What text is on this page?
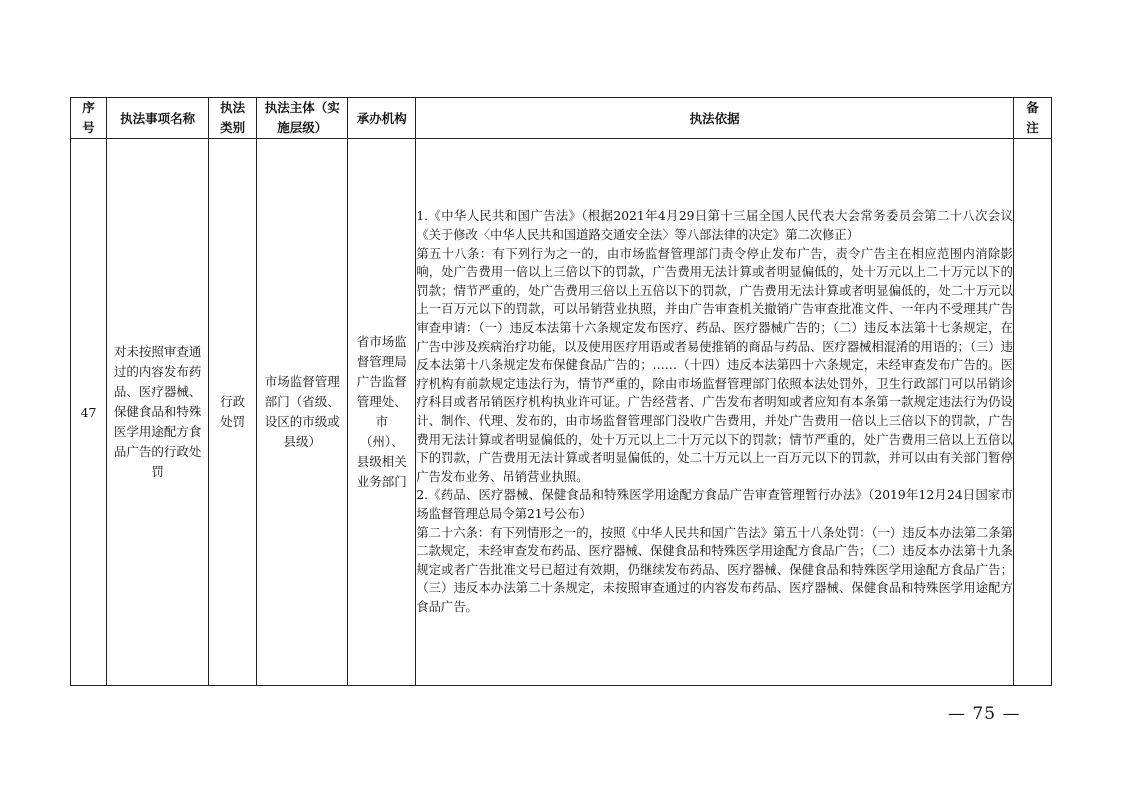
序号	执法事项名称	执法类别	执法主体（实施层级）	承办机构	执法依据	备注
47	对未按照审查通过的内容发布药品、医疗器械、保健食品和特殊医学用途配方食品广告的行政处罚	行政处罚	市场监督管理部门（省级、设区的市级或县级）	省市场监督管理局广告监督管理处、市（州）、县级相关业务部门	1.《中华人民共和国广告法》（根据2021年4月29日第十三届全国人民代表大会常务委员会第二十八次会议《关于修改〈中华人民共和国道路交通安全法〉等八部法律的决定》第二次修正）

第五十八条：有下列行为之一的，由市场监督管理部门责令停止发布广告，责令广告主在相应范围内消除影响，处广告费用一倍以上三倍以下的罚款，广告费用无法计算或者明显偏低的，处十万元以上二十万元以下的罚款；情节严重的，处广告费用三倍以上五倍以下的罚款，广告费用无法计算或者明显偏低的，处二十万元以上一百万元以下的罚款，可以吊销营业执照，并由广告审查机关撤销广告审查批准文件、一年内不受理其广告审查申请：（一）违反本法第十六条规定发布医疗、药品、医疗器械广告的；（二）违反本法第十七条规定，在广告中涉及疾病治疗功能，以及使用医疗用语或者易使推销的商品与药品、医疗器械相混淆的用语的；（三）违反本法第十八条规定发布保健食品广告的；……（十四）违反本法第四十六条规定，未经审查发布广告的。医疗机构有前款规定违法行为，情节严重的，除由市场监督管理部门依照本法处罚外，卫生行政部门可以吊销诊疗科目或者吊销医疗机构执业许可证。广告经营者、广告发布者明知或者应知有本条第一款规定违法行为仍设计、制作、代理、发布的，由市场监督管理部门没收广告费用，并处广告费用一倍以上三倍以下的罚款，广告费用无法计算或者明显偏低的，处十万元以上二十万元以下的罚款；情节严重的，处广告费用三倍以上五倍以下的罚款，广告费用无法计算或者明显偏低的，处二十万元以上一百万元以下的罚款，并可以由有关部门暂停广告发布业务、吊销营业执照。

2.《药品、医疗器械、保健食品和特殊医学用途配方食品广告审查管理暂行办法》（2019年12月24日国家市场监督管理总局令第21号公布）

第二十六条：有下列情形之一的，按照《中华人民共和国广告法》第五十八条处罚：（一）违反本办法第二条第二款规定，未经审查发布药品、医疗器械、保健食品和特殊医学用途配方食品广告；（二）违反本办法第十九条规定或者广告批准文号已超过有效期，仍继续发布药品、医疗器械、保健食品和特殊医学用途配方食品广告；（三）违反本办法第二十条规定，未按照审查通过的内容发布药品、医疗器械、保健食品和特殊医学用途配方食品广告。	

— 75 —
